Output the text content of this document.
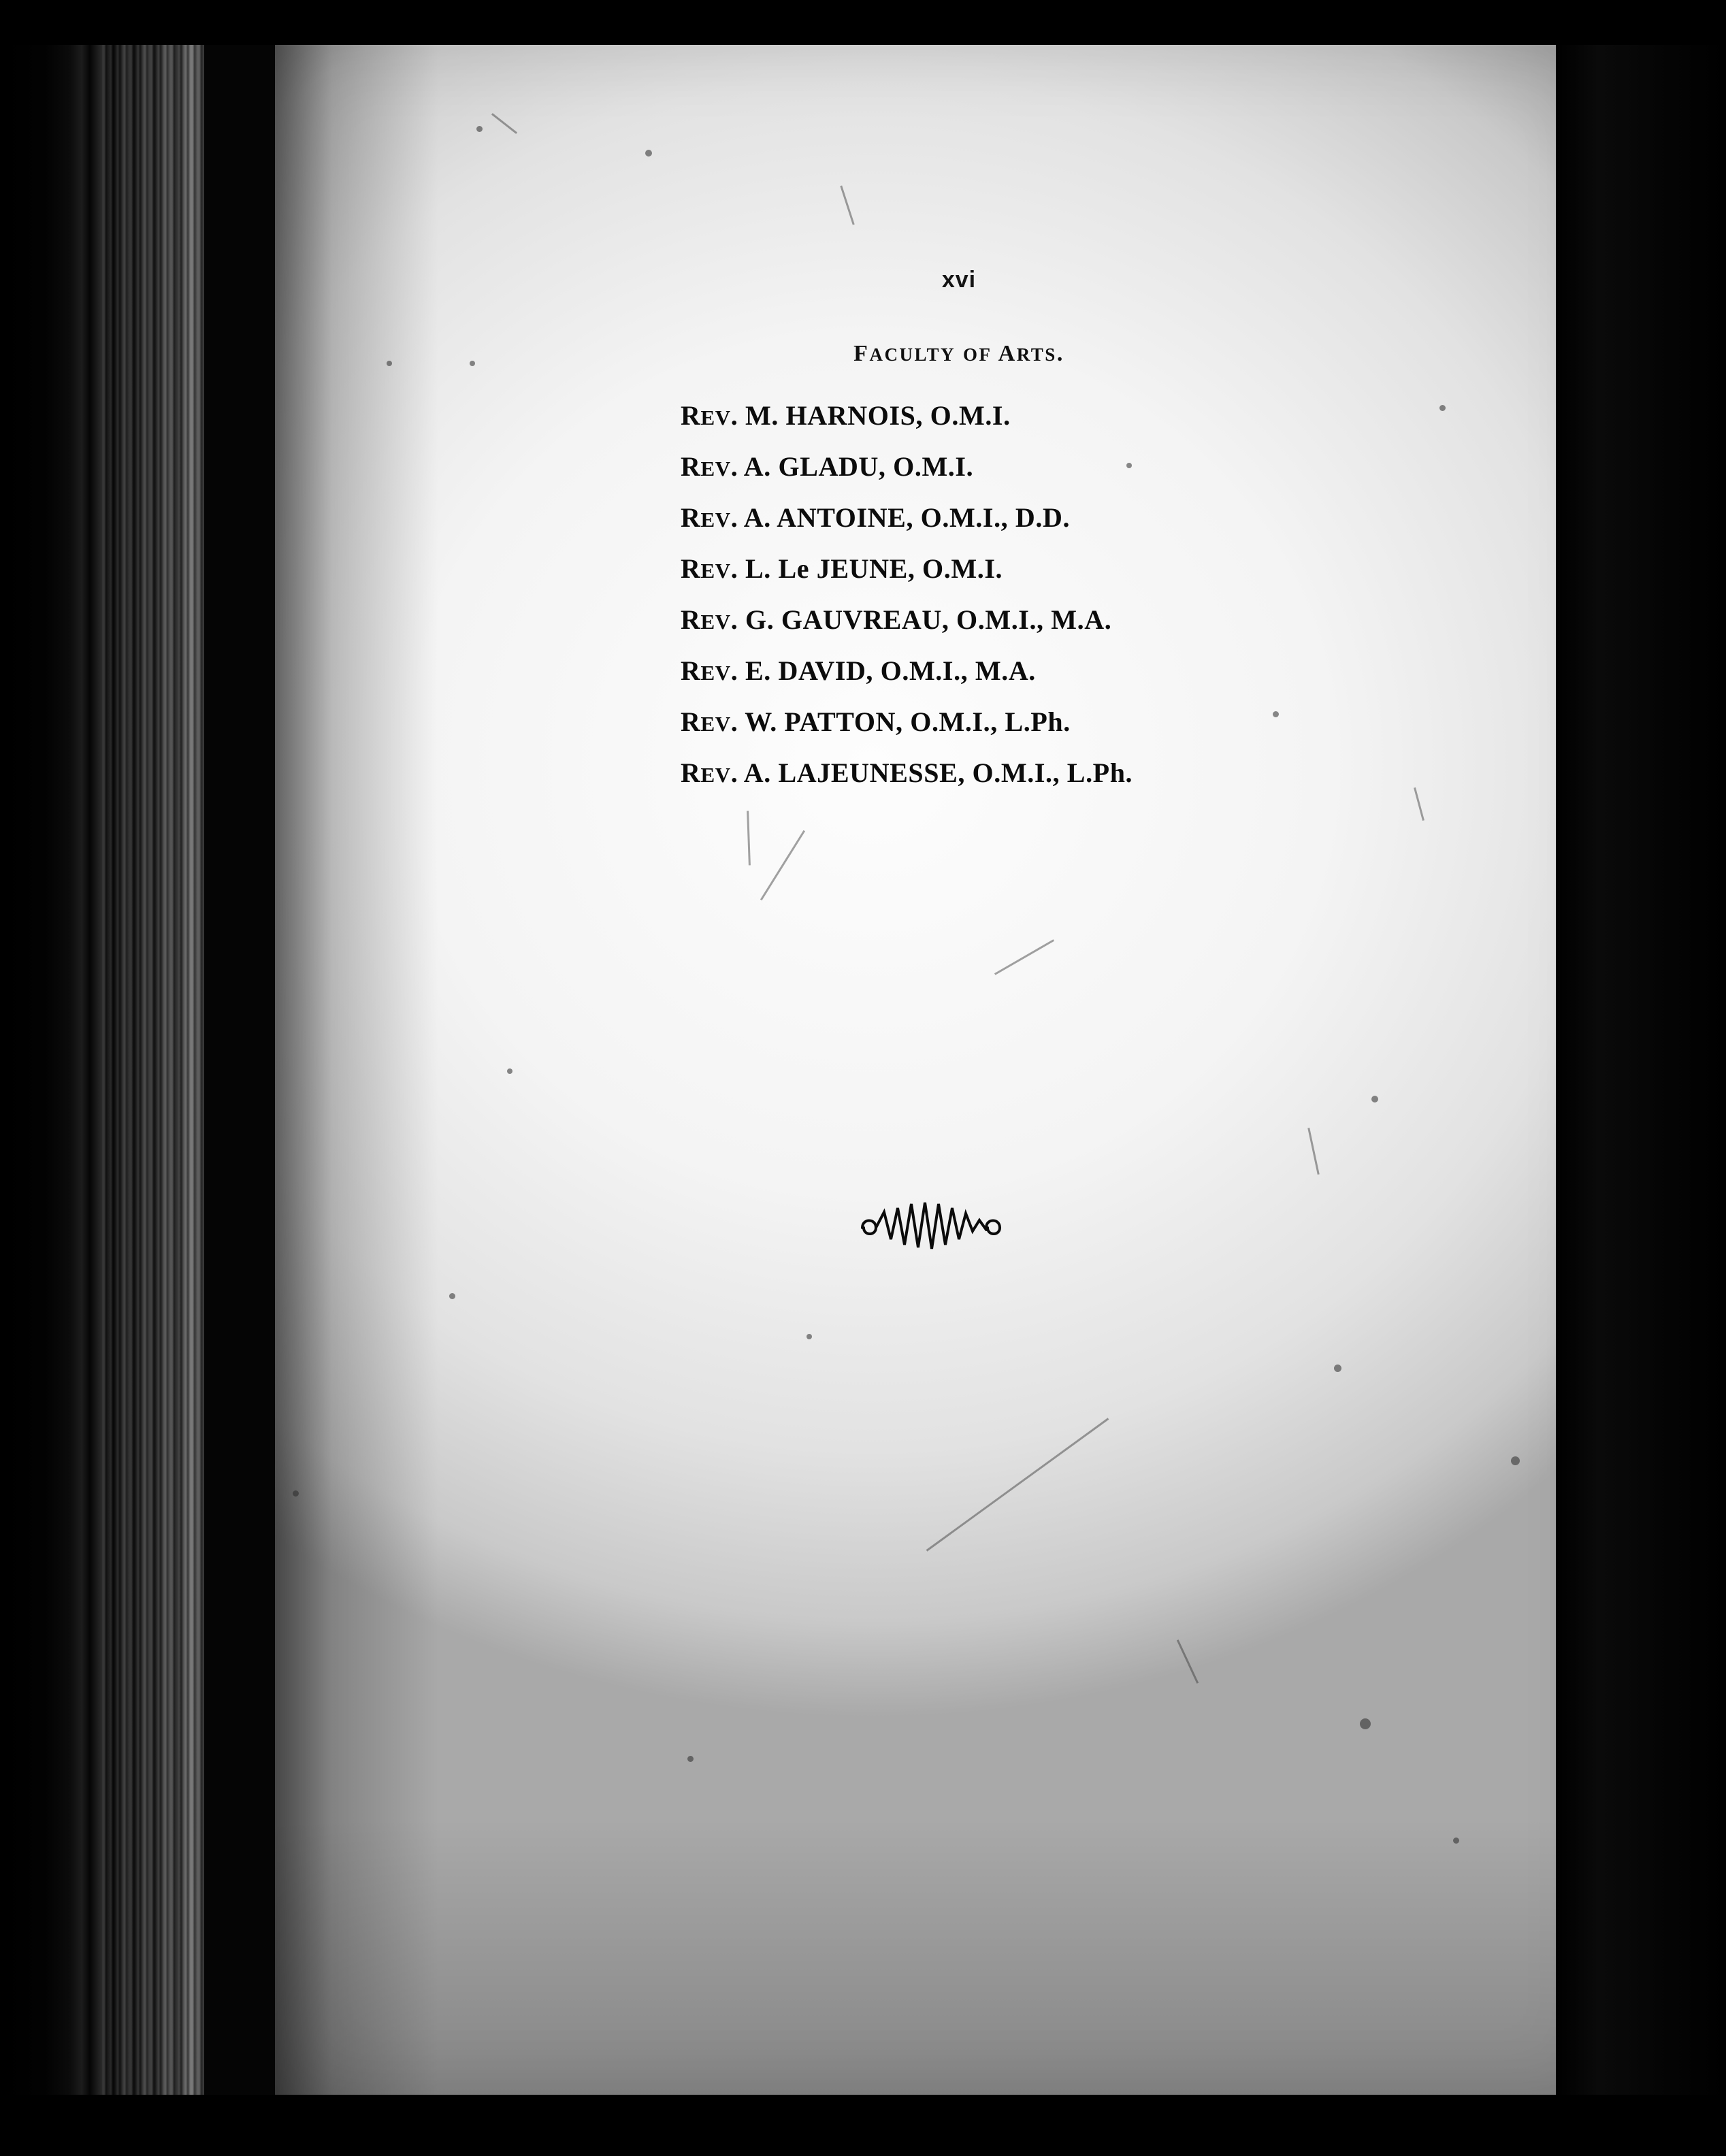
xvi
FACULTY OF ARTS.
REV. M. HARNOIS, O.M.I.
REV. A. GLADU, O.M.I.
REV. A. ANTOINE, O.M.I., D.D.
REV. L. Le JEUNE, O.M.I.
REV. G. GAUVREAU, O.M.I., M.A.
REV. E. DAVID, O.M.I., M.A.
REV. W. PATTON, O.M.I., L.Ph.
REV. A. LAJEUNESSE, O.M.I., L.Ph.
